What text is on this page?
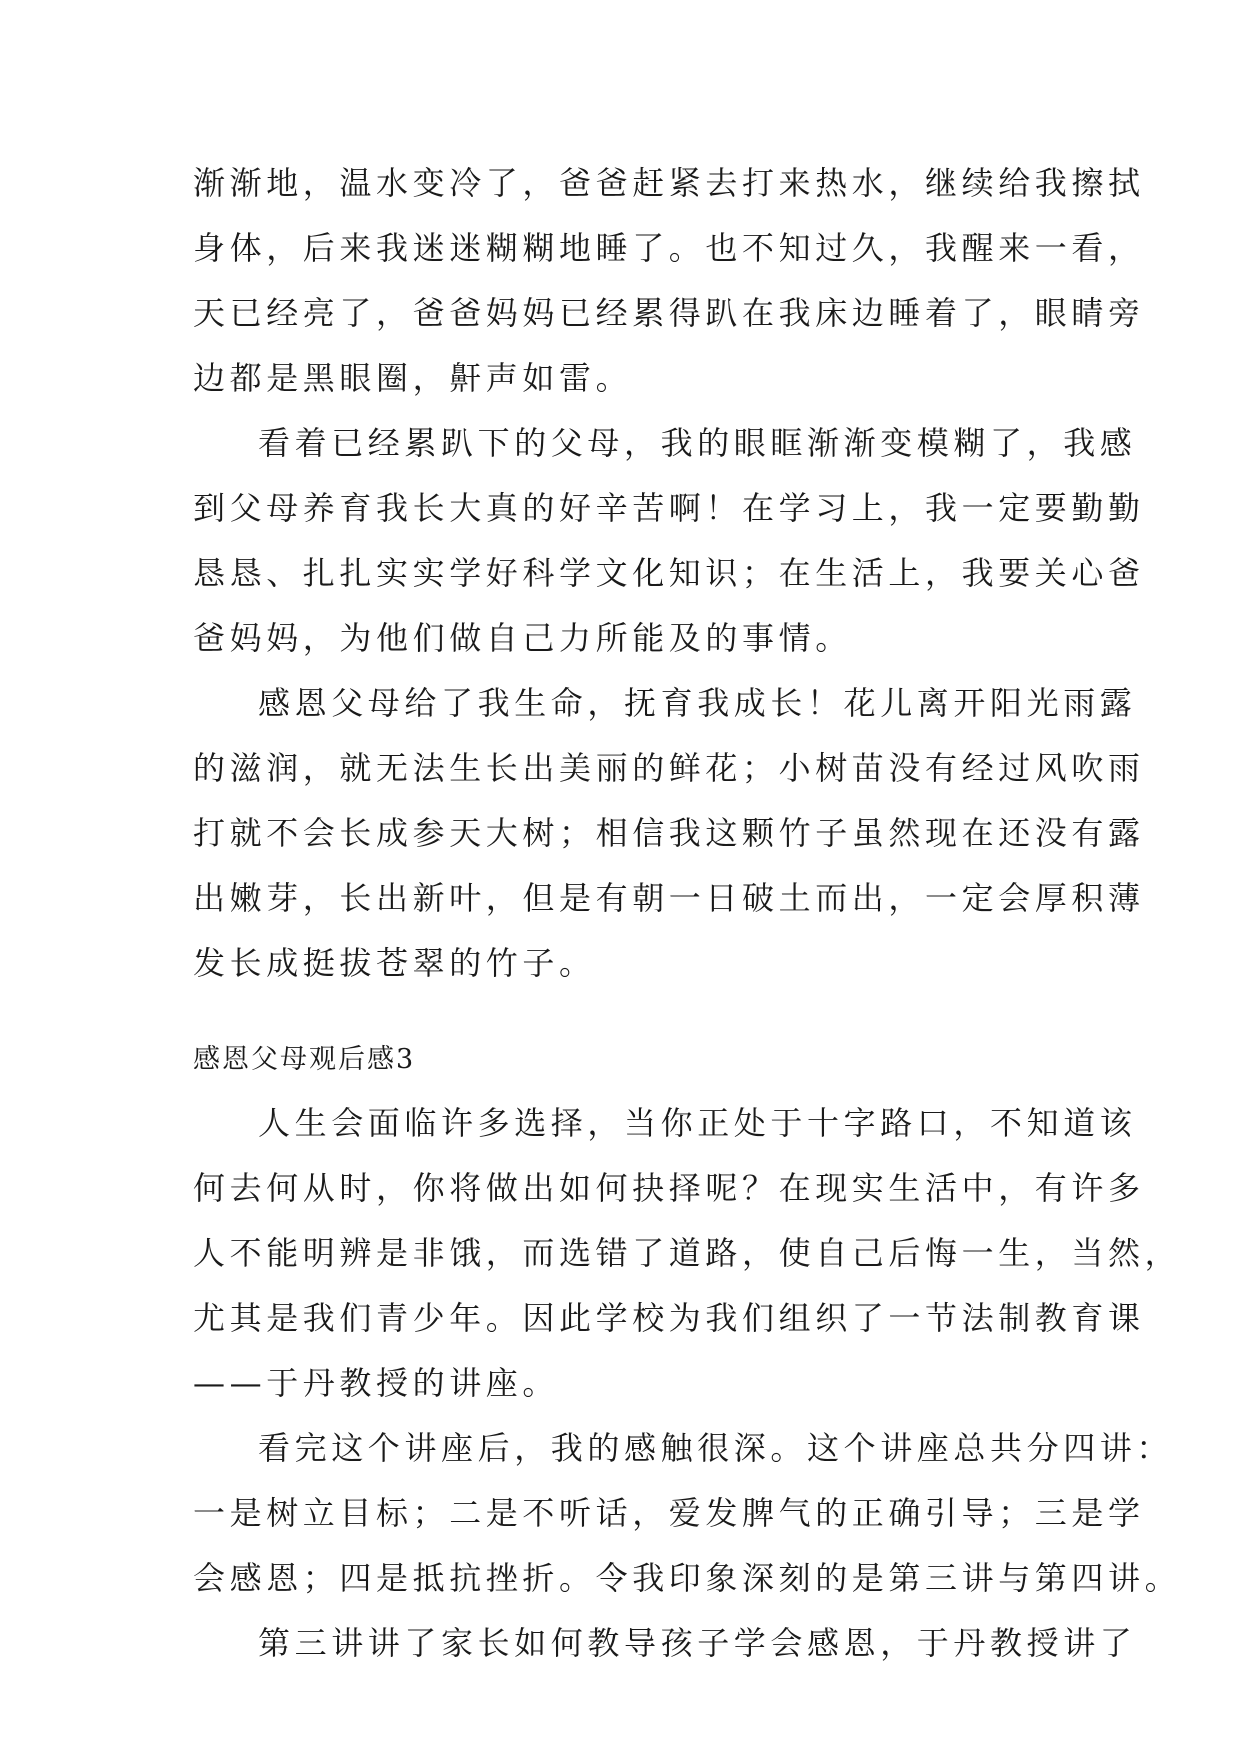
渐渐地，温水变冷了，爸爸赶紧去打来热水，继续给我擦拭
身体，后来我迷迷糊糊地睡了。也不知过久，我醒来一看，
天已经亮了，爸爸妈妈已经累得趴在我床边睡着了，眼睛旁
边都是黑眼圈，鼾声如雷。
看着已经累趴下的父母，我的眼眶渐渐变模糊了，我感
到父母养育我长大真的好辛苦啊！在学习上，我一定要勤勤
恳恳、扎扎实实学好科学文化知识；在生活上，我要关心爸
爸妈妈，为他们做自己力所能及的事情。
感恩父母给了我生命，抚育我成长！花儿离开阳光雨露
的滋润，就无法生长出美丽的鲜花；小树苗没有经过风吹雨
打就不会长成参天大树；相信我这颗竹子虽然现在还没有露
出嫩芽，长出新叶，但是有朝一日破土而出，一定会厚积薄
发长成挺拔苍翠的竹子。
感恩父母观后感3
人生会面临许多选择，当你正处于十字路口，不知道该
何去何从时，你将做出如何抉择呢？在现实生活中，有许多
人不能明辨是非饿，而选错了道路，使自己后悔一生，当然，
尤其是我们青少年。因此学校为我们组织了一节法制教育课
——于丹教授的讲座。
看完这个讲座后，我的感触很深。这个讲座总共分四讲：
一是树立目标；二是不听话，爱发脾气的正确引导；三是学
会感恩；四是抵抗挫折。令我印象深刻的是第三讲与第四讲。
第三讲讲了家长如何教导孩子学会感恩，于丹教授讲了
